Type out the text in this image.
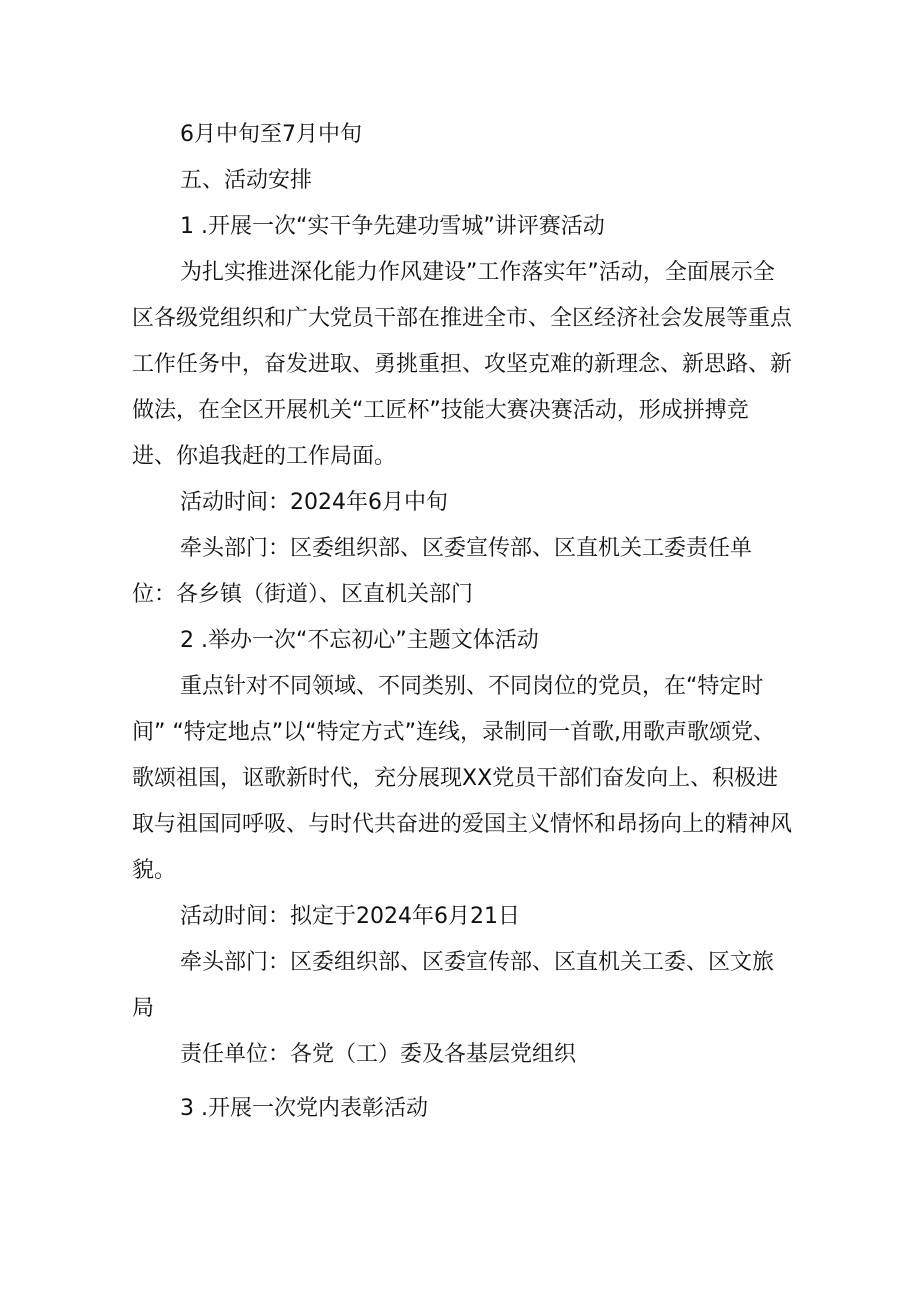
6月中旬至7月中旬

五、活动安排

1 .开展一次“实干争先建功雪城”讲评赛活动

为扎实推进深化能力作风建设”工作落实年”活动，全面展示全区各级党组织和广大党员干部在推进全市、全区经济社会发展等重点工作任务中，奋发进取、勇挑重担、攻坚克难的新理念、新思路、新做法，在全区开展机关“工匠杯”技能大赛决赛活动，形成拼搏竞进、你追我赶的工作局面。

活动时间：2024年6月中旬

牵头部门：区委组织部、区委宣传部、区直机关工委责任单位：各乡镇（街道）、区直机关部门

2 .举办一次“不忘初心”主题文体活动

重点针对不同领域、不同类别、不同岗位的党员，在“特定时间” “特定地点”以“特定方式”连线，录制同一首歌,用歌声歌颂党、歌颂祖国，讴歌新时代，充分展现XX党员干部们奋发向上、积极进取与祖国同呼吸、与时代共奋进的爱国主义情怀和昂扬向上的精神风貌。

活动时间：拟定于2024年6月21日

牵头部门：区委组织部、区委宣传部、区直机关工委、区文旅局

责任单位：各党（工）委及各基层党组织

3 .开展一次党内表彰活动
